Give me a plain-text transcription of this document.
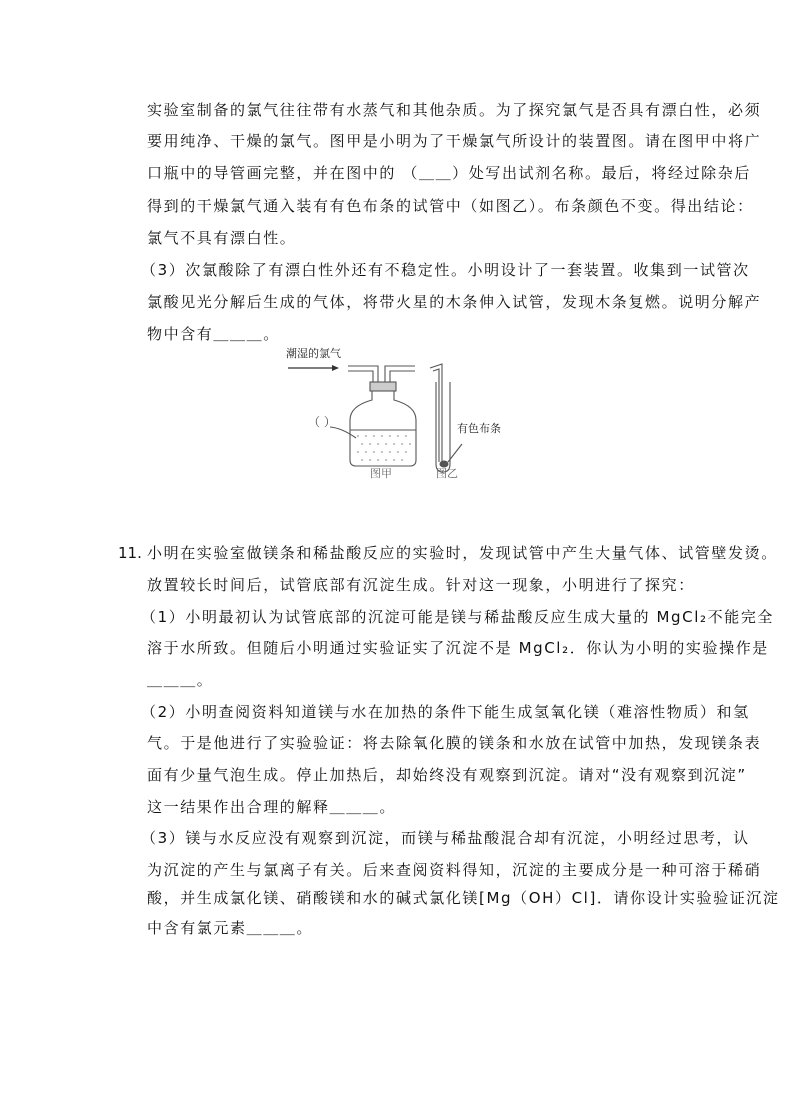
实验室制备的氯气往往带有水蒸气和其他杂质。为了探究氯气是否具有漂白性，必须
要用纯净、干燥的氯气。图甲是小明为了干燥氯气所设计的装置图。请在图甲中将广
口瓶中的导管画完整，并在图中的 （＿＿）处写出试剂名称。最后，将经过除杂后
得到的干燥氯气通入装有有色布条的试管中（如图乙）。布条颜色不变。得出结论：
氯气不具有漂白性。
（3）次氯酸除了有漂白性外还有不稳定性。小明设计了一套装置。收集到一试管次
氯酸见光分解后生成的气体，将带火星的木条伸入试管，发现木条复燃。说明分解产
物中含有＿＿＿。
潮湿的氯气
（ ）
图甲
有色布条
图乙
11. 小明在实验室做镁条和稀盐酸反应的实验时，发现试管中产生大量气体、试管壁发烫。
放置较长时间后，试管底部有沉淀生成。针对这一现象，小明进行了探究：
（1）小明最初认为试管底部的沉淀可能是镁与稀盐酸反应生成大量的 MgCl₂不能完全
溶于水所致。但随后小明通过实验证实了沉淀不是 MgCl₂．你认为小明的实验操作是
＿＿＿。
（2）小明查阅资料知道镁与水在加热的条件下能生成氢氧化镁（难溶性物质）和氢
气。于是他进行了实验验证：将去除氧化膜的镁条和水放在试管中加热，发现镁条表
面有少量气泡生成。停止加热后，却始终没有观察到沉淀。请对“没有观察到沉淀”
这一结果作出合理的解释＿＿＿。
（3）镁与水反应没有观察到沉淀，而镁与稀盐酸混合却有沉淀，小明经过思考，认
为沉淀的产生与氯离子有关。后来查阅资料得知，沉淀的主要成分是一种可溶于稀硝
酸，并生成氯化镁、硝酸镁和水的碱式氯化镁[Mg（OH）Cl]．请你设计实验验证沉淀
中含有氯元素＿＿＿。
